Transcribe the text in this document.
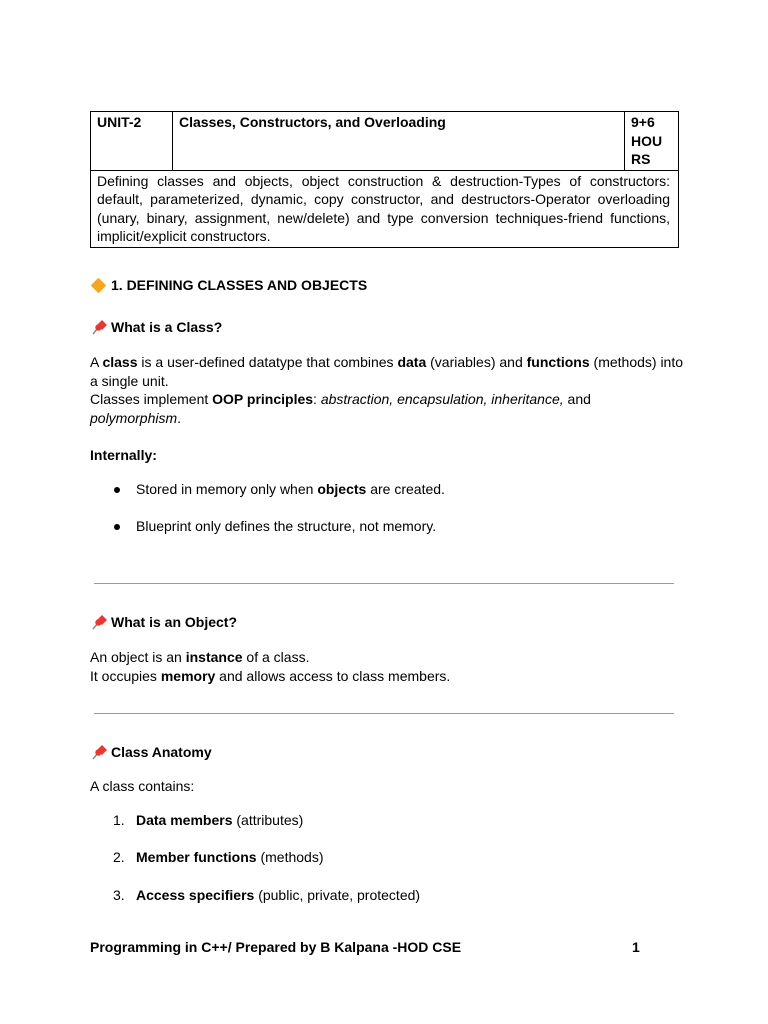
UNIT-2	Classes, Constructors, and Overloading	9+6
HOU
RS

Defining classes and objects, object construction & destruction-Types of constructors: default, parameterized, dynamic, copy constructor, and destructors-Operator overloading (unary, binary, assignment, new/delete) and type conversion techniques-friend functions, implicit/explicit constructors.
1. DEFINING CLASSES AND OBJECTS
What is a Class?
A class is a user-defined datatype that combines data (variables) and functions (methods) into
a single unit.
Classes implement OOP principles: abstraction, encapsulation, inheritance, and
polymorphism.
Internally:
Stored in memory only when objects are created.
Blueprint only defines the structure, not memory.
What is an Object?
An object is an instance of a class.
It occupies memory and allows access to class members.
Class Anatomy
A class contains:
1. Data members (attributes)
2. Member functions (methods)
3. Access specifiers (public, private, protected)
Programming in C++/ Prepared by B Kalpana -HOD CSE	1
